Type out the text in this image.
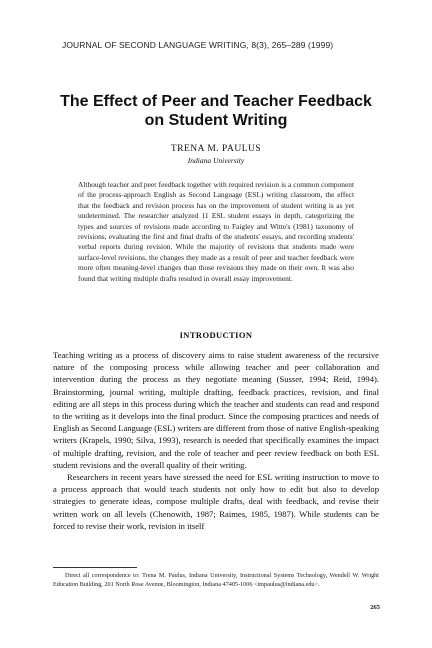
JOURNAL OF SECOND LANGUAGE WRITING, 8(3), 265–289 (1999)
The Effect of Peer and Teacher Feedback
on Student Writing
TRENA M. PAULUS
Indiana University
Although teacher and peer feedback together with required revision is a common component of the process-approach English as Second Language (ESL) writing classroom, the effect that the feedback and revision process has on the improvement of student writing is as yet undetermined. The researcher analyzed 11 ESL student essays in depth, categorizing the types and sources of revisions made according to Faigley and Witte's (1981) taxonomy of revisions, evaluating the first and final drafts of the students' essays, and recording students' verbal reports during revision. While the majority of revisions that students made were surface-level revisions, the changes they made as a result of peer and teacher feedback were more often meaning-level changes than those revisions they made on their own. It was also found that writing multiple drafts resulted in overall essay improvement.
INTRODUCTION

Teaching writing as a process of discovery aims to raise student awareness of the recursive nature of the composing process while allowing teacher and peer collaboration and intervention during the process as they negotiate meaning (Susser, 1994; Reid, 1994). Brainstorming, journal writing, multiple drafting, feedback practices, revision, and final editing are all steps in this process during which the teacher and students can read and respond to the writing as it develops into the final product. Since the composing practices and needs of English as Second Language (ESL) writers are different from those of native English-speaking writers (Krapels, 1990; Silva, 1993), research is needed that specifically examines the impact of multiple drafting, revision, and the role of teacher and peer review feedback on both ESL student revisions and the overall quality of their writing.

Researchers in recent years have stressed the need for ESL writing instruction to move to a process approach that would teach students not only how to edit but also to develop strategies to generate ideas, compose multiple drafts, deal with feedback, and revise their written work on all levels (Chenowith, 1987; Raimes, 1985, 1987). While students can be forced to revise their work, revision in itself

Direct all correspondence to: Trena M. Paulus, Indiana University, Instructional Systems Technology, Wendell W. Wright Education Building, 201 North Rose Avenue, Bloomington, Indiana 47405-1006 <tmpaulus@indiana.edu>.

265
